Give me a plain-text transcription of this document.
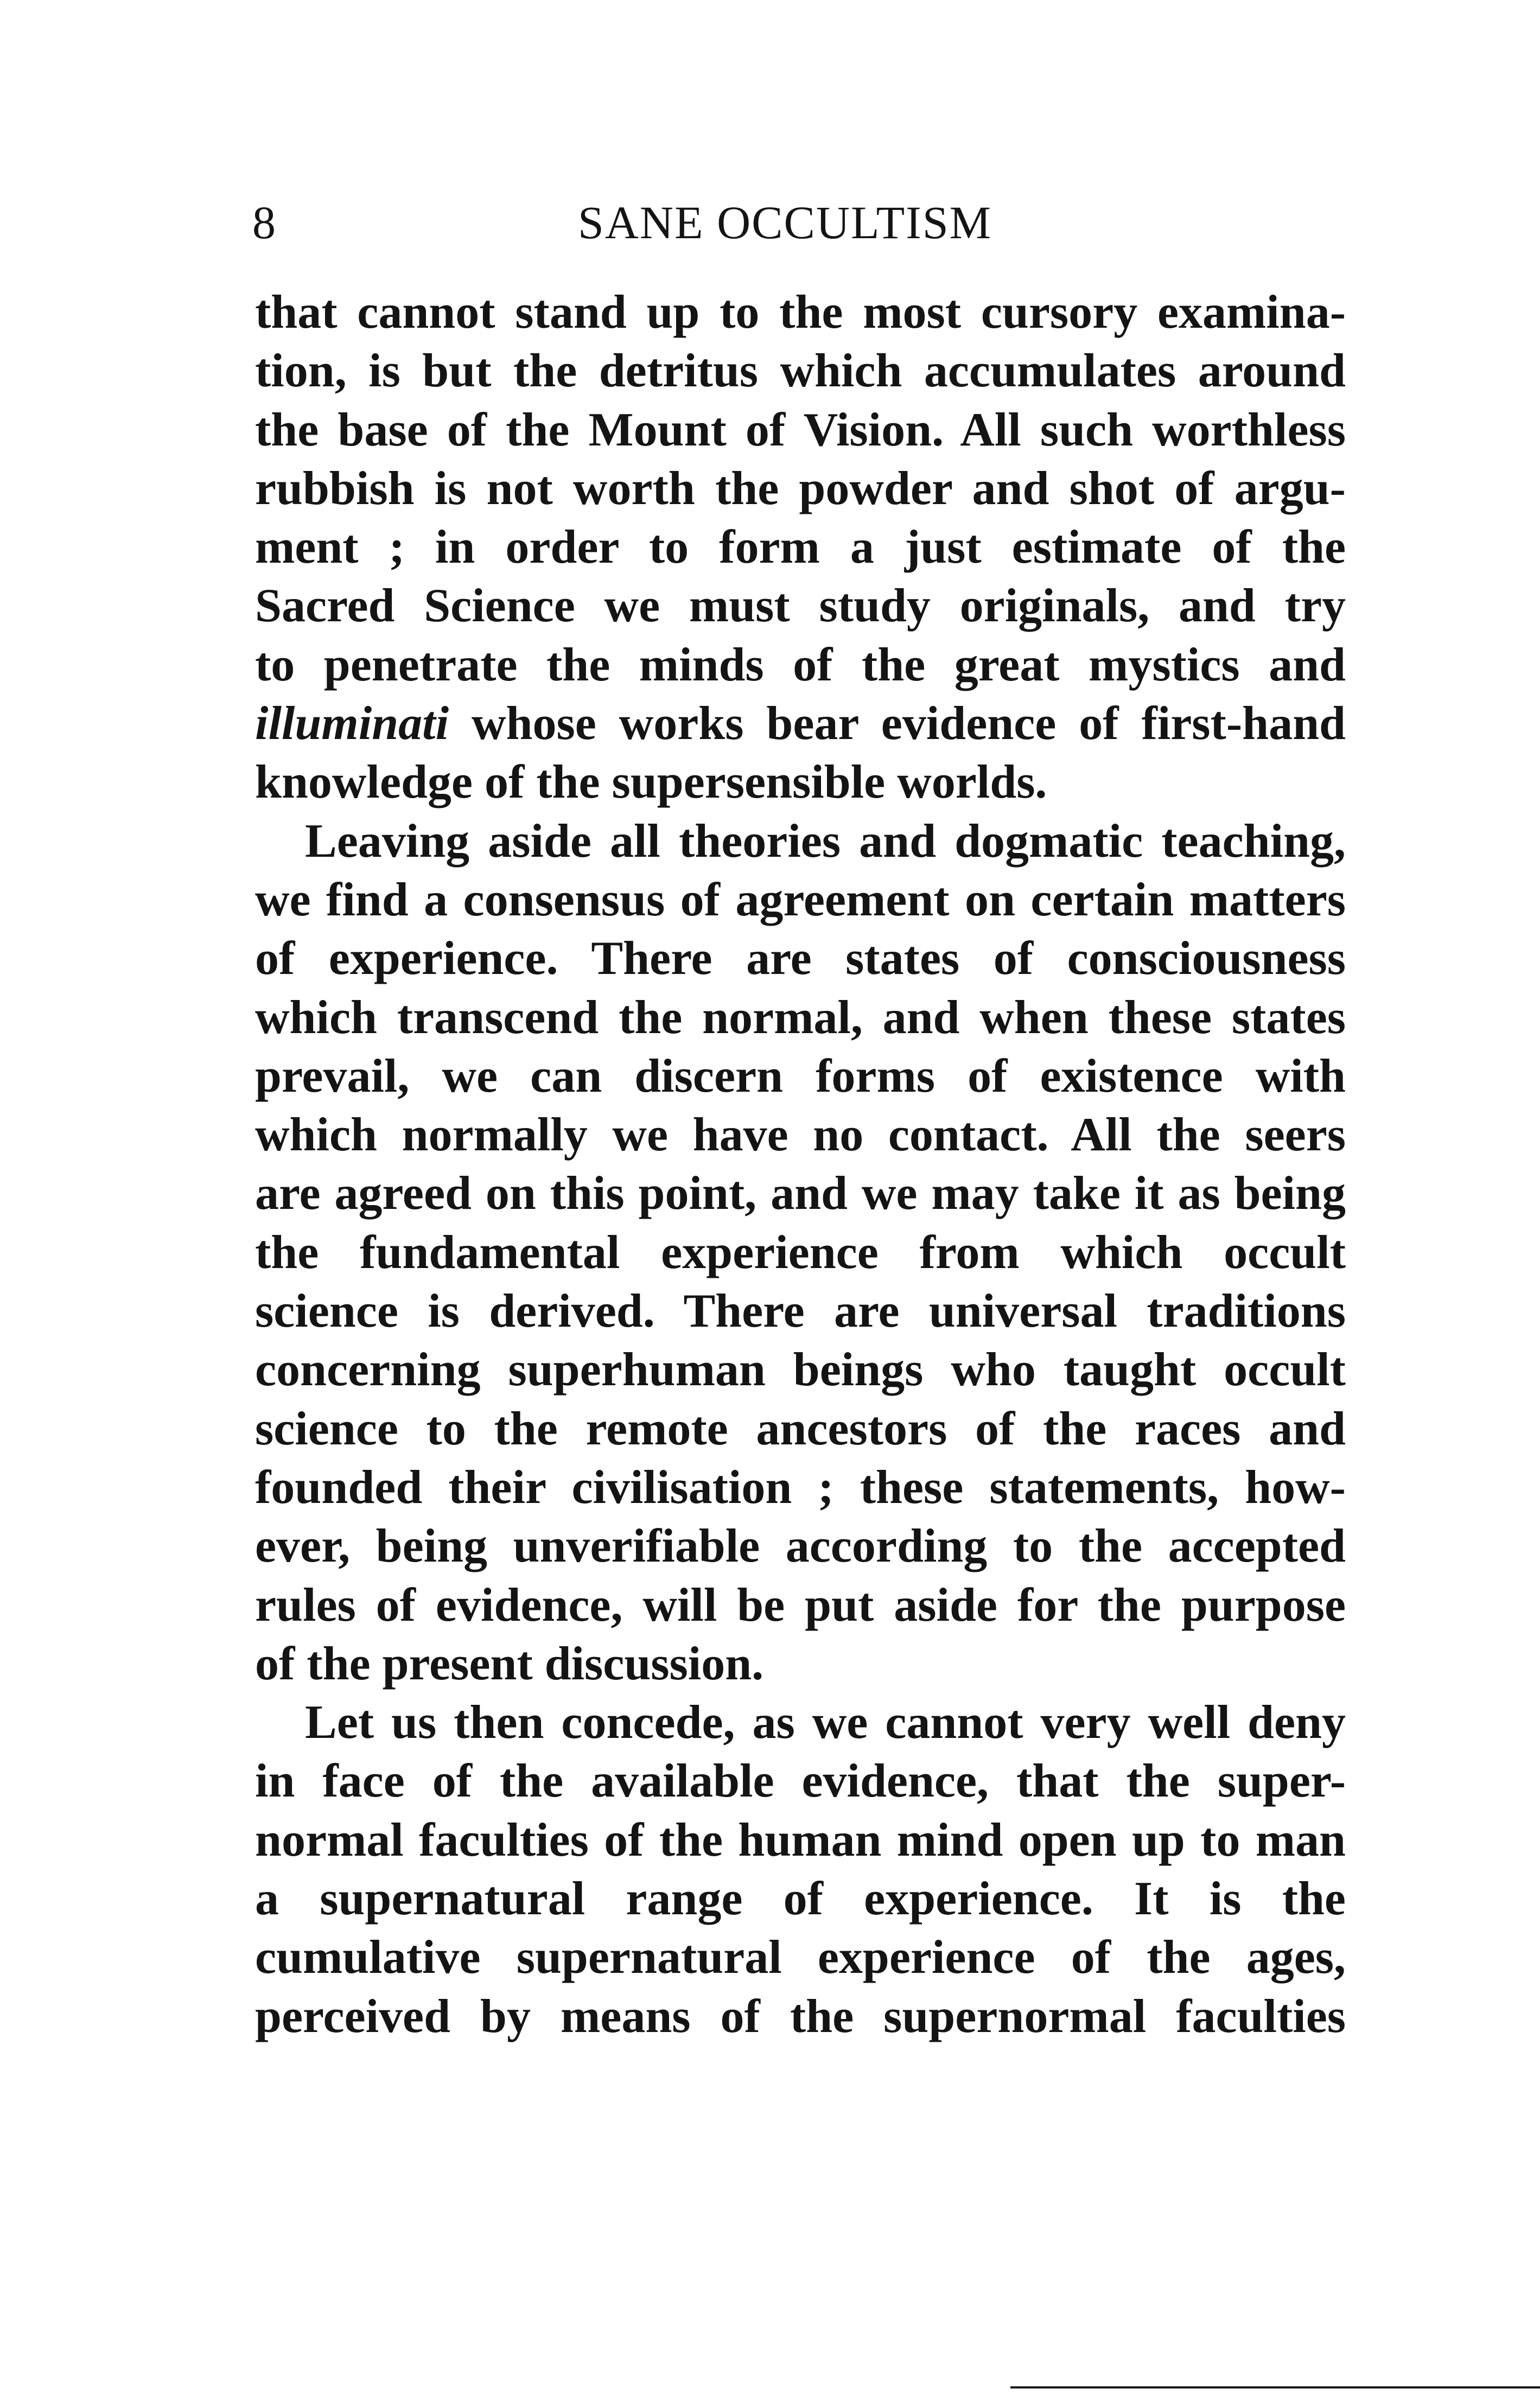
8	SANE OCCULTISM
that cannot stand up to the most cursory examina-
tion, is but the detritus which accumulates around
the base of the Mount of Vision. All such worthless
rubbish is not worth the powder and shot of argu-
ment ; in order to form a just estimate of the
Sacred Science we must study originals, and try
to penetrate the minds of the great mystics and
illuminati whose works bear evidence of first-hand
knowledge of the supersensible worlds.
Leaving aside all theories and dogmatic teaching,
we find a consensus of agreement on certain matters
of experience. There are states of consciousness
which transcend the normal, and when these states
prevail, we can discern forms of existence with
which normally we have no contact. All the seers
are agreed on this point, and we may take it as being
the fundamental experience from which occult
science is derived. There are universal traditions
concerning superhuman beings who taught occult
science to the remote ancestors of the races and
founded their civilisation ; these statements, how-
ever, being unverifiable according to the accepted
rules of evidence, will be put aside for the purpose
of the present discussion.
Let us then concede, as we cannot very well deny
in face of the available evidence, that the super-
normal faculties of the human mind open up to man
a supernatural range of experience. It is the
cumulative supernatural experience of the ages,
perceived by means of the supernormal faculties
